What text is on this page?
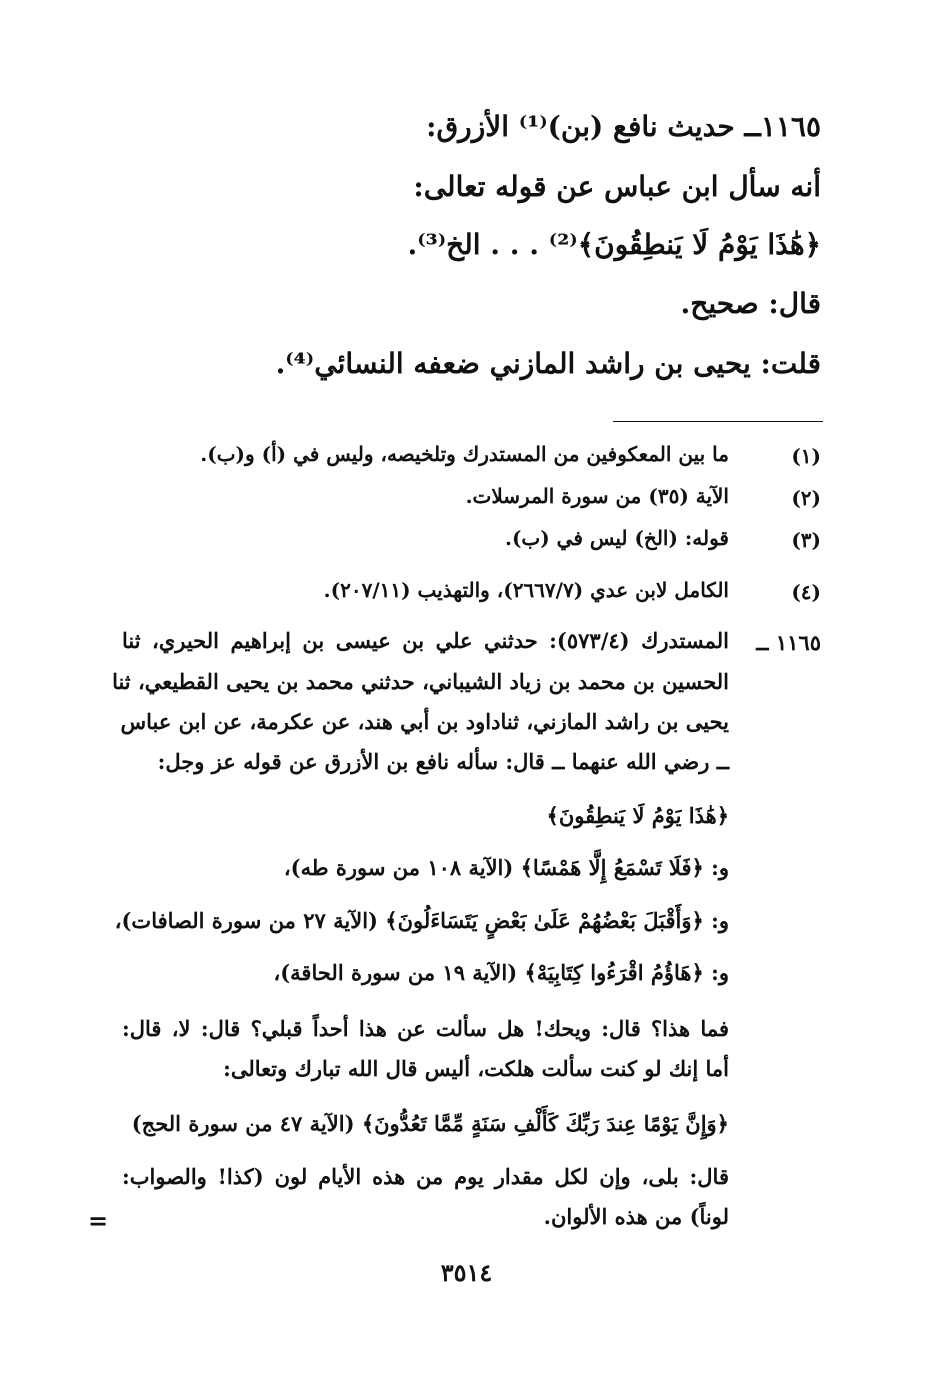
١١٦٥ــ حديث نافع (بن)⁽¹⁾ الأزرق:
أنه سأل ابن عباس عن قوله تعالى:
﴿هَٰذَا يَوْمُ لَا يَنطِقُونَ﴾⁽²⁾ . . . الخ⁽³⁾.
قال: صحيح.
قلت: يحيى بن راشد المازني ضعفه النسائي⁽⁴⁾.
(١)
ما بين المعكوفين من المستدرك وتلخيصه، وليس في (أ) و(ب).
(٢)
الآية (٣٥) من سورة المرسلات.
(٣)
قوله: (الخ) ليس في (ب).
(٤)
الكامل لابن عدي (٢٦٦٧/٧)، والتهذيب (٢٠٧/١١).
١١٦٥ ــ
المستدرك (٥٧٣/٤): حدثني علي بن عيسى بن إبراهيم الحيري، ثنا
الحسين بن محمد بن زياد الشيباني، حدثني محمد بن يحيى القطيعي، ثنا
يحيى بن راشد المازني، ثناداود بن أبي هند، عن عكرمة، عن ابن عباس
ــ رضي الله عنهما ــ قال: سأله نافع بن الأزرق عن قوله عز وجل:
﴿هَٰذَا يَوْمُ لَا يَنطِقُونَ﴾
و: ﴿فَلَا تَسْمَعُ إِلَّا هَمْسًا﴾ (الآية ١٠٨ من سورة طه)،
و: ﴿وَأَقْبَلَ بَعْضُهُمْ عَلَىٰ بَعْضٍ يَتَسَاءَلُونَ﴾ (الآية ٢٧ من سورة الصافات)،
و: ﴿هَاؤُمُ اقْرَءُوا كِتَابِيَهْ﴾ (الآية ١٩ من سورة الحاقة)،
فما هذا؟ قال: ويحك! هل سألت عن هذا أحداً قبلي؟ قال: لا، قال:
أما إنك لو كنت سألت هلكت، أليس قال الله تبارك وتعالى:
﴿وَإِنَّ يَوْمًا عِندَ رَبِّكَ كَأَلْفِ سَنَةٍ مِّمَّا تَعُدُّونَ﴾ (الآية ٤٧ من سورة الحج)
قال: بلى، وإن لكل مقدار يوم من هذه الأيام لون (كذا! والصواب:
لوناً) من هذه الألوان.
=
٣٥١٤
